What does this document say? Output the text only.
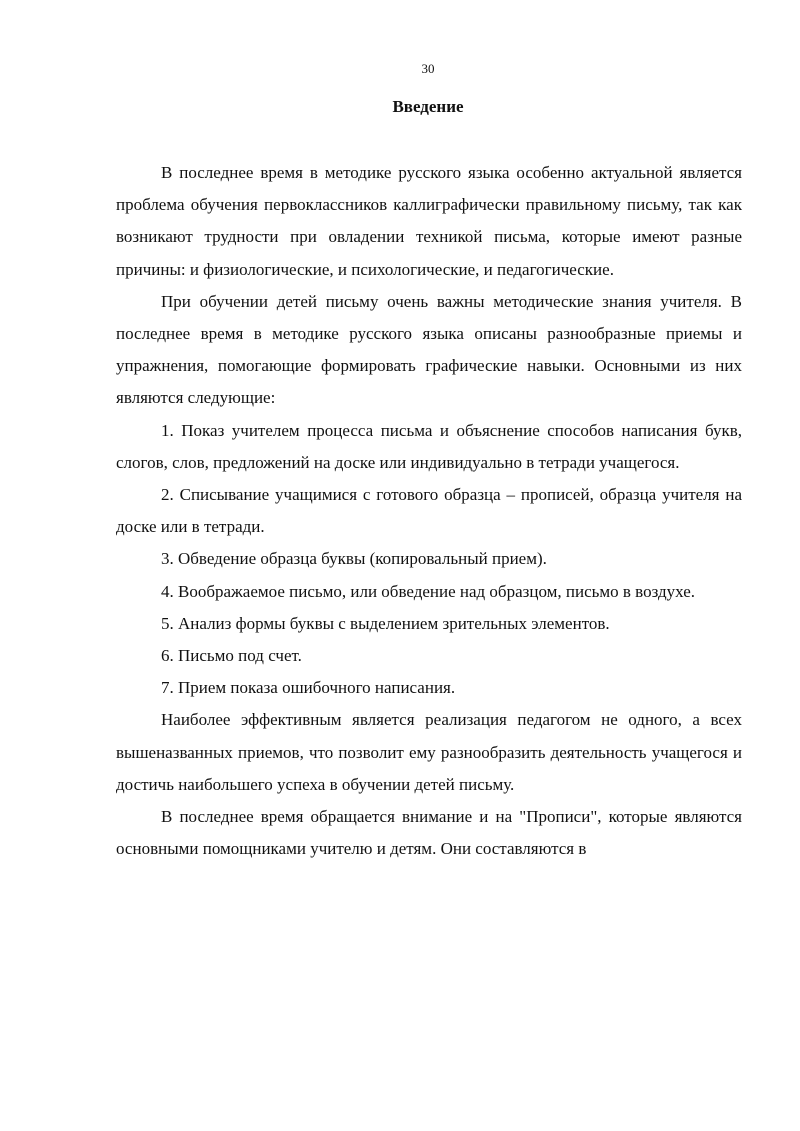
30
Введение

В последнее время в методике русского языка особенно актуальной является проблема обучения первоклассников каллиграфически правильному письму, так как возникают трудности при овладении техникой письма, которые имеют разные причины: и физиологические, и психологические, и педагогические.

При обучении детей письму очень важны методические знания учителя. В последнее время в методике русского языка описаны разнообразные приемы и упражнения, помогающие формировать графические навыки. Основными из них являются следующие:

1. Показ учителем процесса письма и объяснение способов написания букв, слогов, слов, предложений на доске или индивидуально в тетради учащегося.

2. Списывание учащимися с готового образца – прописей, образца учителя на доске или в тетради.

3. Обведение образца буквы (копировальный прием).

4. Воображаемое письмо, или обведение над образцом, письмо в воздухе.

5. Анализ формы буквы с выделением зрительных элементов.

6. Письмо под счет.

7. Прием показа ошибочного написания.

Наиболее эффективным является реализация педагогом не одного, а всех вышеназванных приемов, что позволит ему разнообразить деятельность учащегося и достичь наибольшего успеха в обучении детей письму.

В последнее время обращается внимание и на "Прописи", которые являются основными помощниками учителю и детям. Они составляются в
